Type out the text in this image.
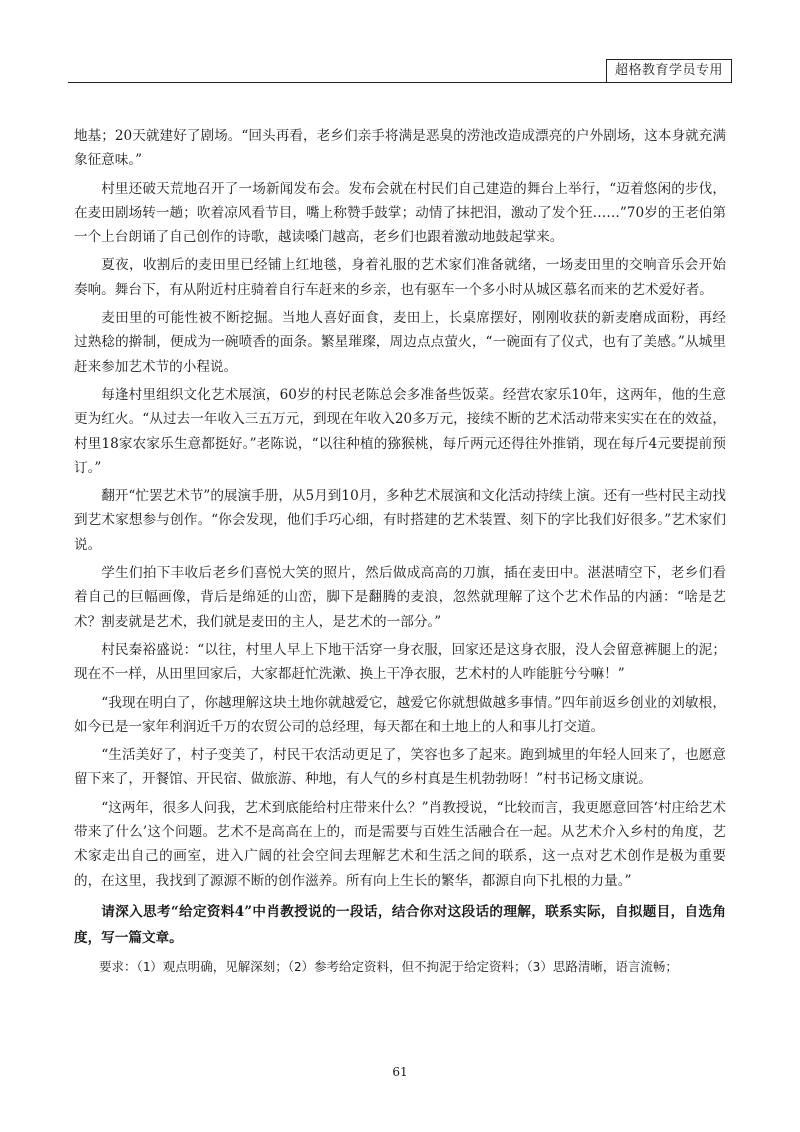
超格教育学员专用

地基；20天就建好了剧场。“回头再看，老乡们亲手将满是恶臭的涝池改造成漂亮的户外剧场，这本身就充满象征意味。”

村里还破天荒地召开了一场新闻发布会。发布会就在村民们自己建造的舞台上举行，“迈着悠闲的步伐，在麦田剧场转一趟；吹着凉风看节目，嘴上称赞手鼓掌；动情了抹把泪，激动了发个狂……”70岁的王老伯第一个上台朗诵了自己创作的诗歌，越读嗓门越高，老乡们也跟着激动地鼓起掌来。

夏夜，收割后的麦田里已经铺上红地毯，身着礼服的艺术家们准备就绪，一场麦田里的交响音乐会开始奏响。舞台下，有从附近村庄骑着自行车赶来的乡亲，也有驱车一个多小时从城区慕名而来的艺术爱好者。

麦田里的可能性被不断挖掘。当地人喜好面食，麦田上，长桌席摆好，刚刚收获的新麦磨成面粉，再经过熟稔的擀制，便成为一碗喷香的面条。繁星璀璨，周边点点萤火，“一碗面有了仪式，也有了美感。”从城里赶来参加艺术节的小程说。

每逢村里组织文化艺术展演，60岁的村民老陈总会多准备些饭菜。经营农家乐10年，这两年，他的生意更为红火。“从过去一年收入三五万元，到现在年收入20多万元，接续不断的艺术活动带来实实在在的效益，村里18家农家乐生意都挺好。”老陈说，“以往种植的猕猴桃，每斤两元还得往外推销，现在每斤4元要提前预订。”

翻开“忙罢艺术节”的展演手册，从5月到10月，多种艺术展演和文化活动持续上演。还有一些村民主动找到艺术家想参与创作。“你会发现，他们手巧心细，有时搭建的艺术装置、刻下的字比我们好很多。”艺术家们说。

学生们拍下丰收后老乡们喜悦大笑的照片，然后做成高高的刀旗，插在麦田中。湛湛晴空下，老乡们看着自己的巨幅画像，背后是绵延的山峦，脚下是翻腾的麦浪，忽然就理解了这个艺术作品的内涵：“啥是艺术？割麦就是艺术，我们就是麦田的主人，是艺术的一部分。”

村民秦裕盛说：“以往，村里人早上下地干活穿一身衣服，回家还是这身衣服，没人会留意裤腿上的泥；现在不一样，从田里回家后，大家都赶忙洗漱、换上干净衣服，艺术村的人咋能脏兮兮嘛！”

“我现在明白了，你越理解这块土地你就越爱它，越爱它你就想做越多事情。”四年前返乡创业的刘敏根，如今已是一家年利润近千万的农贸公司的总经理，每天都在和土地上的人和事儿打交道。

“生活美好了，村子变美了，村民干农活动更足了，笑容也多了起来。跑到城里的年轻人回来了，也愿意留下来了，开餐馆、开民宿、做旅游、种地，有人气的乡村真是生机勃勃呀！”村书记杨文康说。

“这两年，很多人问我，艺术到底能给村庄带来什么？”肖教授说，“比较而言，我更愿意回答‘村庄给艺术带来了什么’这个问题。艺术不是高高在上的，而是需要与百姓生活融合在一起。从艺术介入乡村的角度，艺术家走出自己的画室，进入广阔的社会空间去理解艺术和生活之间的联系，这一点对艺术创作是极为重要的，在这里，我找到了源源不断的创作滋养。所有向上生长的繁华，都源自向下扎根的力量。”

请深入思考“给定资料4”中肖教授说的一段话，结合你对这段话的理解，联系实际，自拟题目，自选角度，写一篇文章。

要求：（1）观点明确，见解深刻；（2）参考给定资料，但不拘泥于给定资料；（3）思路清晰，语言流畅；

61
